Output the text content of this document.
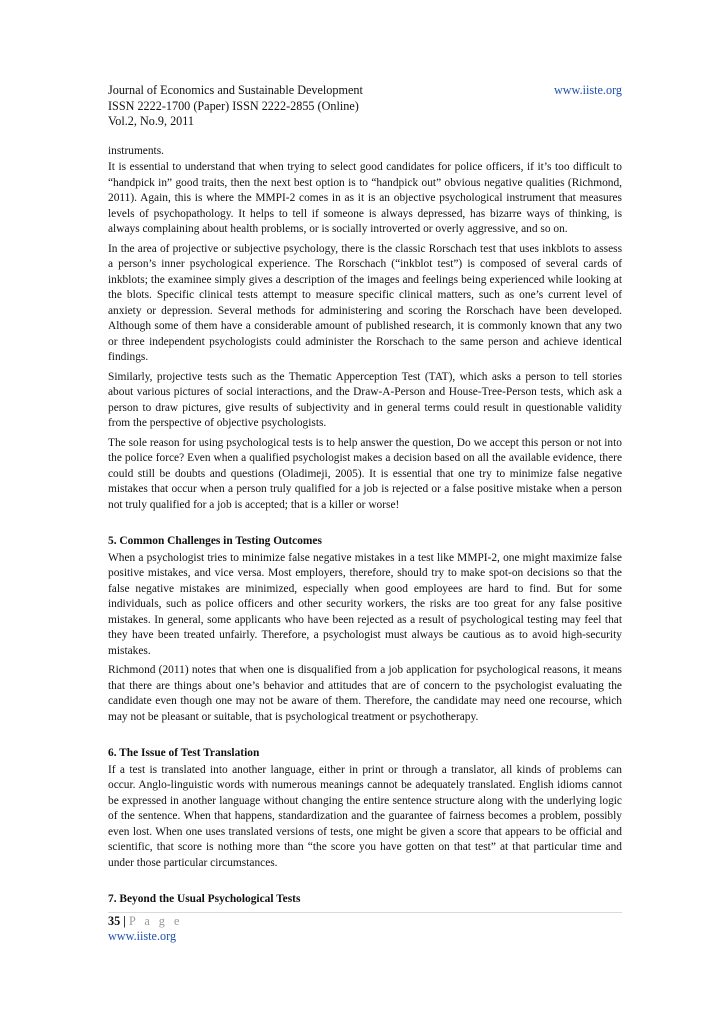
Journal of Economics and Sustainable Development	www.iiste.org
ISSN 2222-1700 (Paper) ISSN 2222-2855 (Online)
Vol.2, No.9, 2011

instruments.

It is essential to understand that when trying to select good candidates for police officers, if it’s too difficult to “handpick in” good traits, then the next best option is to “handpick out” obvious negative qualities (Richmond, 2011). Again, this is where the MMPI-2 comes in as it is an objective psychological instrument that measures levels of psychopathology. It helps to tell if someone is always depressed, has bizarre ways of thinking, is always complaining about health problems, or is socially introverted or overly aggressive, and so on.

In the area of projective or subjective psychology, there is the classic Rorschach test that uses inkblots to assess a person’s inner psychological experience. The Rorschach (“inkblot test”) is composed of several cards of inkblots; the examinee simply gives a description of the images and feelings being experienced while looking at the blots. Specific clinical tests attempt to measure specific clinical matters, such as one’s current level of anxiety or depression. Several methods for administering and scoring the Rorschach have been developed. Although some of them have a considerable amount of published research, it is commonly known that any two or three independent psychologists could administer the Rorschach to the same person and achieve identical findings.

Similarly, projective tests such as the Thematic Apperception Test (TAT), which asks a person to tell stories about various pictures of social interactions, and the Draw-A-Person and House-Tree-Person tests, which ask a person to draw pictures, give results of subjectivity and in general terms could result in questionable validity from the perspective of objective psychologists.

The sole reason for using psychological tests is to help answer the question, Do we accept this person or not into the police force? Even when a qualified psychologist makes a decision based on all the available evidence, there could still be doubts and questions (Oladimeji, 2005). It is essential that one try to minimize false negative mistakes that occur when a person truly qualified for a job is rejected or a false positive mistake when a person not truly qualified for a job is accepted; that is a killer or worse!

5. Common Challenges in Testing Outcomes

When a psychologist tries to minimize false negative mistakes in a test like MMPI-2, one might maximize false positive mistakes, and vice versa. Most employers, therefore, should try to make spot-on decisions so that the false negative mistakes are minimized, especially when good employees are hard to find. But for some individuals, such as police officers and other security workers, the risks are too great for any false positive mistakes. In general, some applicants who have been rejected as a result of psychological testing may feel that they have been treated unfairly. Therefore, a psychologist must always be cautious as to avoid high-security mistakes.

Richmond (2011) notes that when one is disqualified from a job application for psychological reasons, it means that there are things about one’s behavior and attitudes that are of concern to the psychologist evaluating the candidate even though one may not be aware of them. Therefore, the candidate may need one recourse, which may not be pleasant or suitable, that is psychological treatment or psychotherapy.

6. The Issue of Test Translation

If a test is translated into another language, either in print or through a translator, all kinds of problems can occur. Anglo-linguistic words with numerous meanings cannot be adequately translated. English idioms cannot be expressed in another language without changing the entire sentence structure along with the underlying logic of the sentence. When that happens, standardization and the guarantee of fairness becomes a problem, possibly even lost. When one uses translated versions of tests, one might be given a score that appears to be official and scientific, that score is nothing more than “the score you have gotten on that test” at that particular time and under those particular circumstances.

7. Beyond the Usual Psychological Tests
35 | P a g e
www.iiste.org
